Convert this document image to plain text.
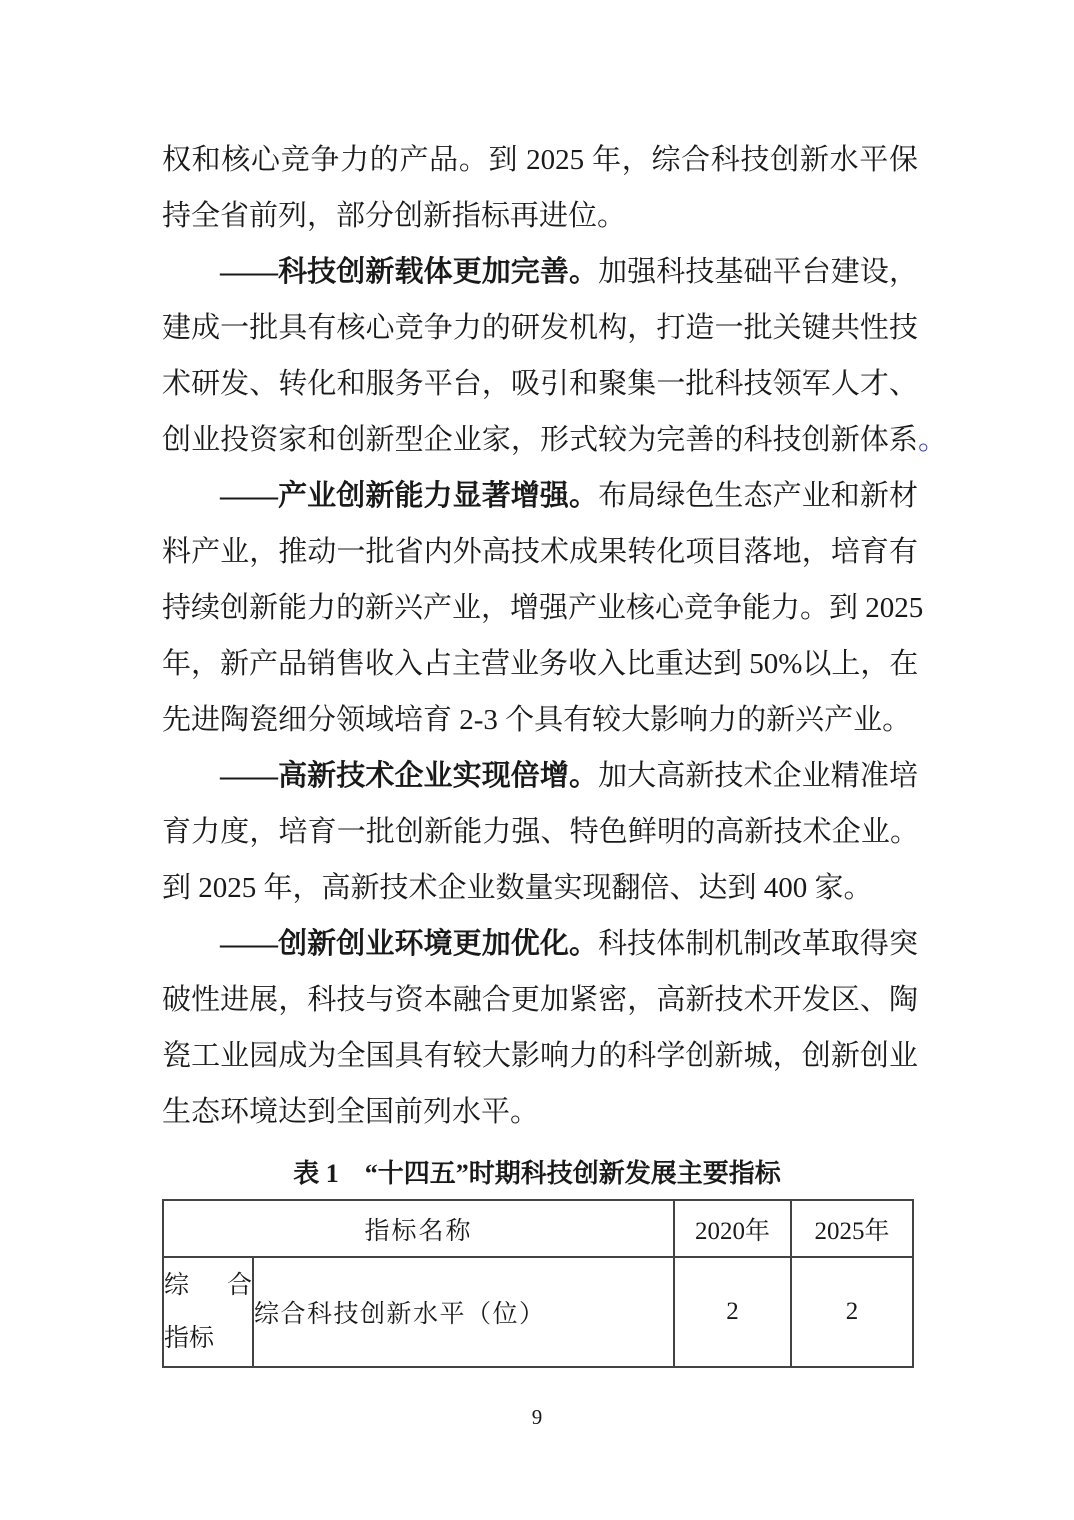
权和核心竞争力的产品。到 2025 年，综合科技创新水平保
持全省前列，部分创新指标再进位。
——科技创新载体更加完善。加强科技基础平台建设，
建成一批具有核心竞争力的研发机构，打造一批关键共性技
术研发、转化和服务平台，吸引和聚集一批科技领军人才、
创业投资家和创新型企业家，形式较为完善的科技创新体系。
——产业创新能力显著增强。布局绿色生态产业和新材
料产业，推动一批省内外高技术成果转化项目落地，培育有
持续创新能力的新兴产业，增强产业核心竞争能力。到 2025
年，新产品销售收入占主营业务收入比重达到 50%以上，在
先进陶瓷细分领域培育 2-3 个具有较大影响力的新兴产业。
——高新技术企业实现倍增。加大高新技术企业精准培
育力度，培育一批创新能力强、特色鲜明的高新技术企业。
到 2025 年，高新技术企业数量实现翻倍、达到 400 家。
——创新创业环境更加优化。科技体制机制改革取得突
破性进展，科技与资本融合更加紧密，高新技术开发区、陶
瓷工业园成为全国具有较大影响力的科学创新城，创新创业
生态环境达到全国前列水平。
表 1　“十四五”时期科技创新发展主要指标
指标名称		2020年	2025年

综合
指标	综合科技创新水平（位）	2	2
9
